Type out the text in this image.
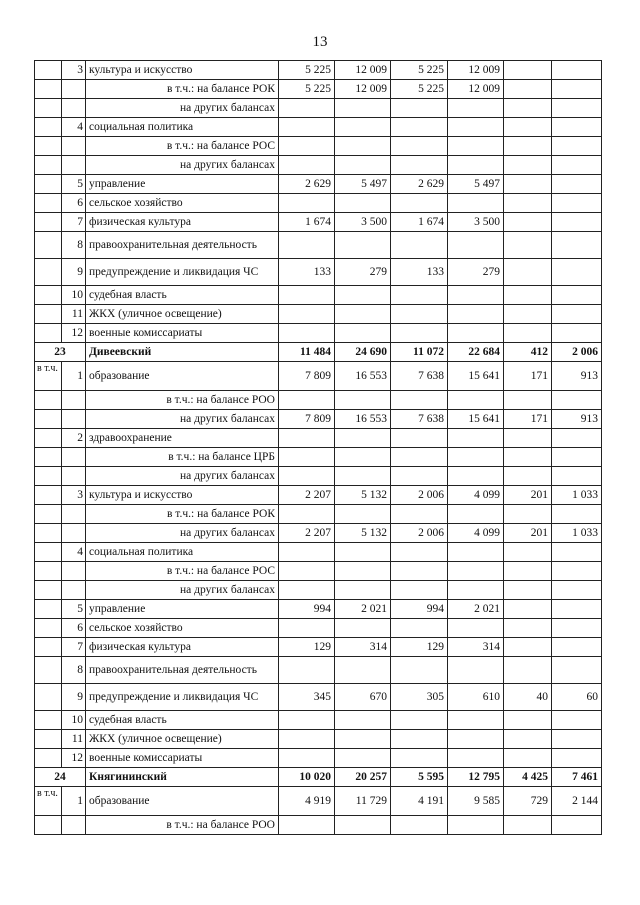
13
	3	культура и искусство	5 225	12 009	5 225	12 009		
		в т.ч.: на балансе РОК	5 225	12 009	5 225	12 009		
		на других балансах						
	4	социальная политика						
		в т.ч.: на балансе РОС						
		на других балансах						
	5	управление	2 629	5 497	2 629	5 497		
	6	сельское хозяйство						
	7	физическая культура	1 674	3 500	1 674	3 500		
	8	правоохранительная деятельность						
	9	предупреждение и ликвидация ЧС	133	279	133	279		
	10	судебная власть						
	11	ЖКХ (уличное освещение)						
	12	военные комиссариаты						
23		Дивеевский	11 484	24 690	11 072	22 684	412	2 006
в т.ч.	1	образование	7 809	16 553	7 638	15 641	171	913
		в т.ч.: на балансе РОО						
		на других балансах	7 809	16 553	7 638	15 641	171	913
	2	здравоохранение						
		в т.ч.: на балансе ЦРБ						
		на других балансах						
	3	культура и искусство	2 207	5 132	2 006	4 099	201	1 033
		в т.ч.: на балансе РОК						
		на других балансах	2 207	5 132	2 006	4 099	201	1 033
	4	социальная политика						
		в т.ч.: на балансе РОС						
		на других балансах						
	5	управление	994	2 021	994	2 021		
	6	сельское хозяйство						
	7	физическая культура	129	314	129	314		
	8	правоохранительная деятельность						
	9	предупреждение и ликвидация ЧС	345	670	305	610	40	60
	10	судебная власть						
	11	ЖКХ (уличное освещение)						
	12	военные комиссариаты						
24		Княгининский	10 020	20 257	5 595	12 795	4 425	7 461
в т.ч.	1	образование	4 919	11 729	4 191	9 585	729	2 144
		в т.ч.: на балансе РОО						
